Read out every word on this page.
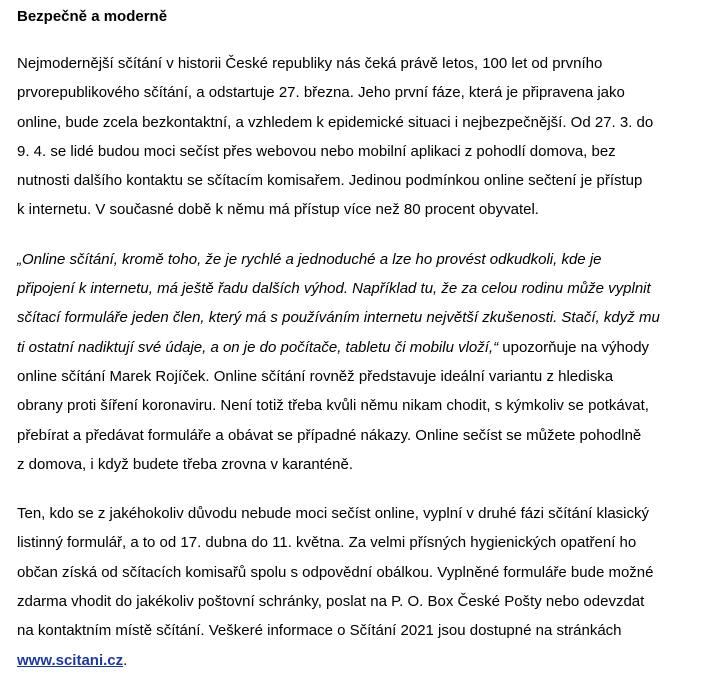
Bezpečně a moderně

Nejmodernější sčítání v historii České republiky nás čeká právě letos, 100 let od prvního
prvorepublikového sčítání, a odstartuje 27. března. Jeho první fáze, která je připravena jako
online, bude zcela bezkontaktní, a vzhledem k epidemické situaci i nejbezpečnější. Od 27. 3. do
9. 4. se lidé budou moci sečíst přes webovou nebo mobilní aplikaci z pohodlí domova, bez
nutnosti dalšího kontaktu se sčítacím komisařem. Jedinou podmínkou online sečtení je přístup
k internetu. V současné době k němu má přístup více než 80 procent obyvatel.

„Online sčítání, kromě toho, že je rychlé a jednoduché a lze ho provést odkudkoli, kde je
připojení k internetu, má ještě řadu dalších výhod. Například tu, že za celou rodinu může vyplnit
sčítací formuláře jeden člen, který má s používáním internetu největší zkušenosti. Stačí, když mu
ti ostatní nadiktují své údaje, a on je do počítače, tabletu či mobilu vloží,“ upozorňuje na výhody
online sčítání Marek Rojíček. Online sčítání rovněž představuje ideální variantu z hlediska
obrany proti šíření koronaviru. Není totiž třeba kvůli němu nikam chodit, s kýmkoliv se potkávat,
přebírat a předávat formuláře a obávat se případné nákazy. Online sečíst se můžete pohodlně
z domova, i když budete třeba zrovna v karanténě.

Ten, kdo se z jakéhokoliv důvodu nebude moci sečíst online, vyplní v druhé fázi sčítání klasický
listinný formulář, a to od 17. dubna do 11. května. Za velmi přísných hygienických opatření ho
občan získá od sčítacích komisařů spolu s odpovědní obálkou. Vyplněné formuláře bude možné
zdarma vhodit do jakékoliv poštovní schránky, poslat na P. O. Box České Pošty nebo odevzdat
na kontaktním místě sčítání. Veškeré informace o Sčítání 2021 jsou dostupné na stránkách
www.scitani.cz.
